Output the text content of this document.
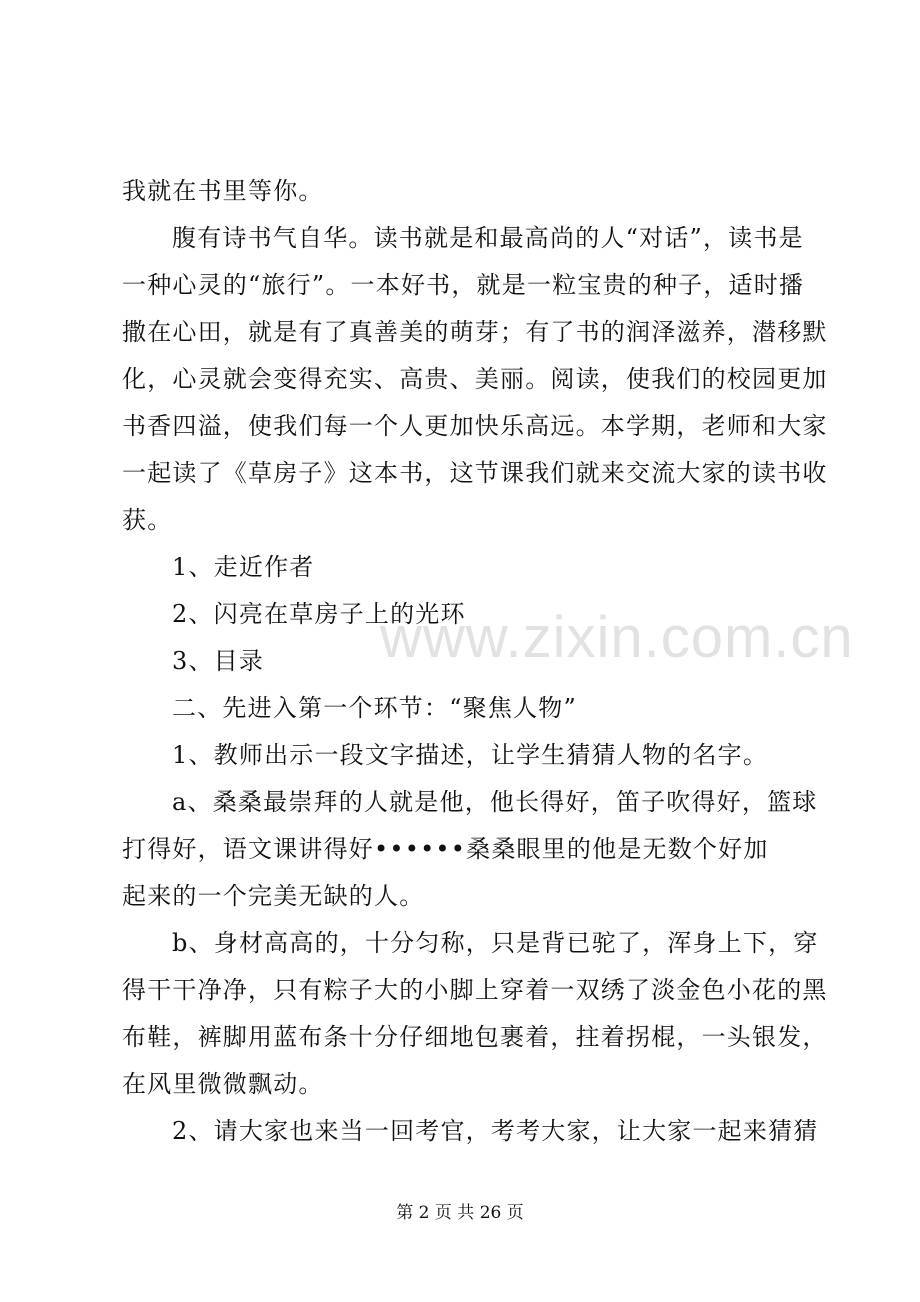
www.zixin.com.cn
我就在书里等你。
腹有诗书气自华。读书就是和最高尚的人“对话”，读书是
一种心灵的“旅行”。一本好书，就是一粒宝贵的种子，适时播
撒在心田，就是有了真善美的萌芽；有了书的润泽滋养，潜移默
化，心灵就会变得充实、高贵、美丽。阅读，使我们的校园更加
书香四溢，使我们每一个人更加快乐高远。本学期，老师和大家
一起读了《草房子》这本书，这节课我们就来交流大家的读书收
获。
1、走近作者
2、闪亮在草房子上的光环
3、目录
二、先进入第一个环节：“聚焦人物”
1、教师出示一段文字描述，让学生猜猜人物的名字。
a、桑桑最崇拜的人就是他，他长得好，笛子吹得好，篮球
打得好，语文课讲得好••••••桑桑眼里的他是无数个好加
起来的一个完美无缺的人。
b、身材高高的，十分匀称，只是背已驼了，浑身上下，穿
得干干净净，只有粽子大的小脚上穿着一双绣了淡金色小花的黑
布鞋，裤脚用蓝布条十分仔细地包裹着，拄着拐棍，一头银发，
在风里微微飘动。
2、请大家也来当一回考官，考考大家，让大家一起来猜猜
第 2 页 共 26 页
